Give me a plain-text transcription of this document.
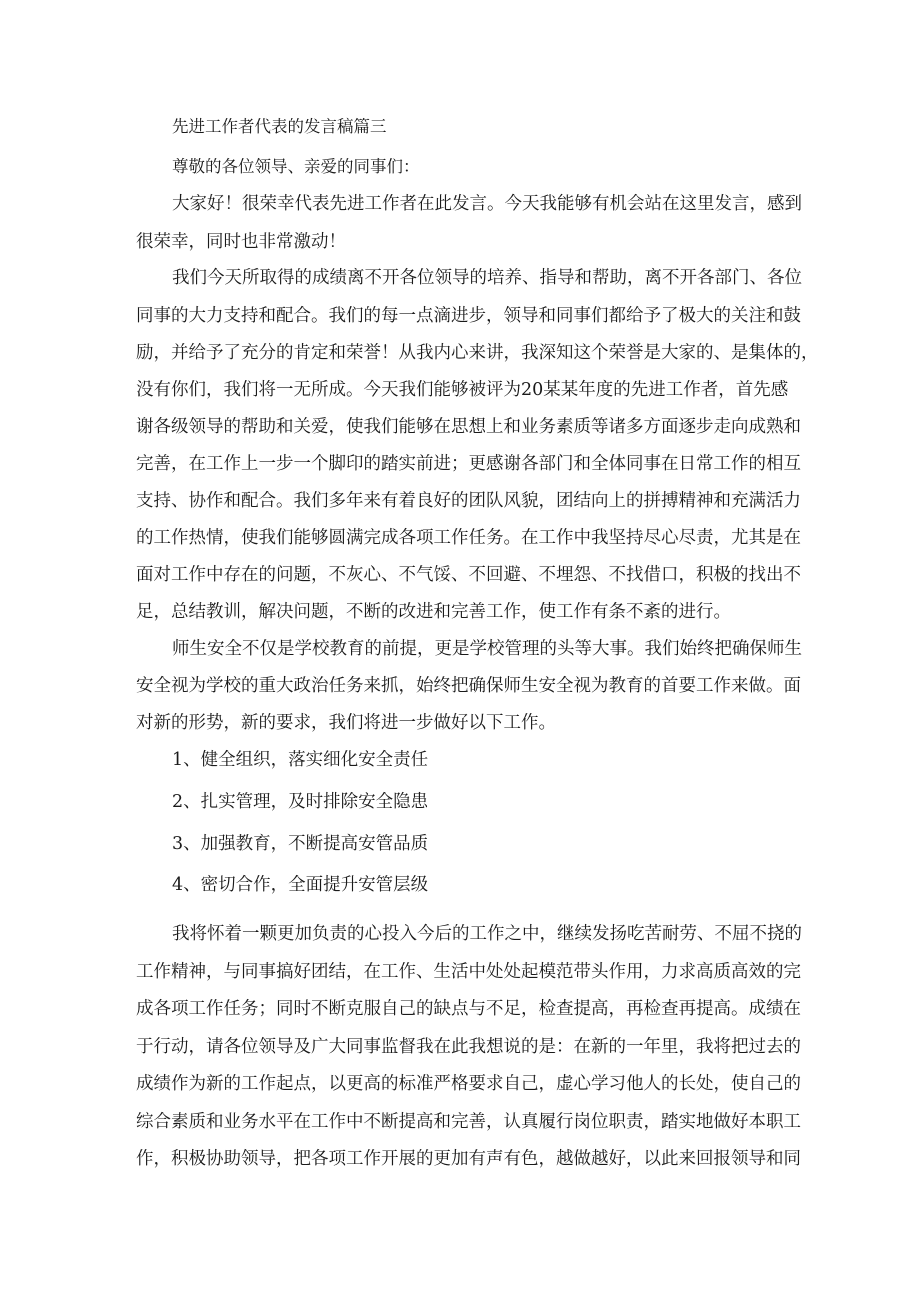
先进工作者代表的发言稿篇三
尊敬的各位领导、亲爱的同事们：
大家好！很荣幸代表先进工作者在此发言。今天我能够有机会站在这里发言，感到
很荣幸，同时也非常激动！
我们今天所取得的成绩离不开各位领导的培养、指导和帮助，离不开各部门、各位
同事的大力支持和配合。我们的每一点滴进步，领导和同事们都给予了极大的关注和鼓
励，并给予了充分的肯定和荣誉！从我内心来讲，我深知这个荣誉是大家的、是集体的，
没有你们，我们将一无所成。今天我们能够被评为20某某年度的先进工作者，首先感
谢各级领导的帮助和关爱，使我们能够在思想上和业务素质等诸多方面逐步走向成熟和
完善，在工作上一步一个脚印的踏实前进；更感谢各部门和全体同事在日常工作的相互
支持、协作和配合。我们多年来有着良好的团队风貌，团结向上的拼搏精神和充满活力
的工作热情，使我们能够圆满完成各项工作任务。在工作中我坚持尽心尽责，尤其是在
面对工作中存在的问题，不灰心、不气馁、不回避、不埋怨、不找借口，积极的找出不
足，总结教训，解决问题，不断的改进和完善工作，使工作有条不紊的进行。
师生安全不仅是学校教育的前提，更是学校管理的头等大事。我们始终把确保师生
安全视为学校的重大政治任务来抓，始终把确保师生安全视为教育的首要工作来做。面
对新的形势，新的要求，我们将进一步做好以下工作。
1、健全组织，落实细化安全责任
2、扎实管理，及时排除安全隐患
3、加强教育，不断提高安管品质
4、密切合作，全面提升安管层级
我将怀着一颗更加负责的心投入今后的工作之中，继续发扬吃苦耐劳、不屈不挠的
工作精神，与同事搞好团结，在工作、生活中处处起模范带头作用，力求高质高效的完
成各项工作任务；同时不断克服自己的缺点与不足，检查提高，再检查再提高。成绩在
于行动，请各位领导及广大同事监督我在此我想说的是：在新的一年里，我将把过去的
成绩作为新的工作起点，以更高的标准严格要求自己，虚心学习他人的长处，使自己的
综合素质和业务水平在工作中不断提高和完善，认真履行岗位职责，踏实地做好本职工
作，积极协助领导，把各项工作开展的更加有声有色，越做越好，以此来回报领导和同
